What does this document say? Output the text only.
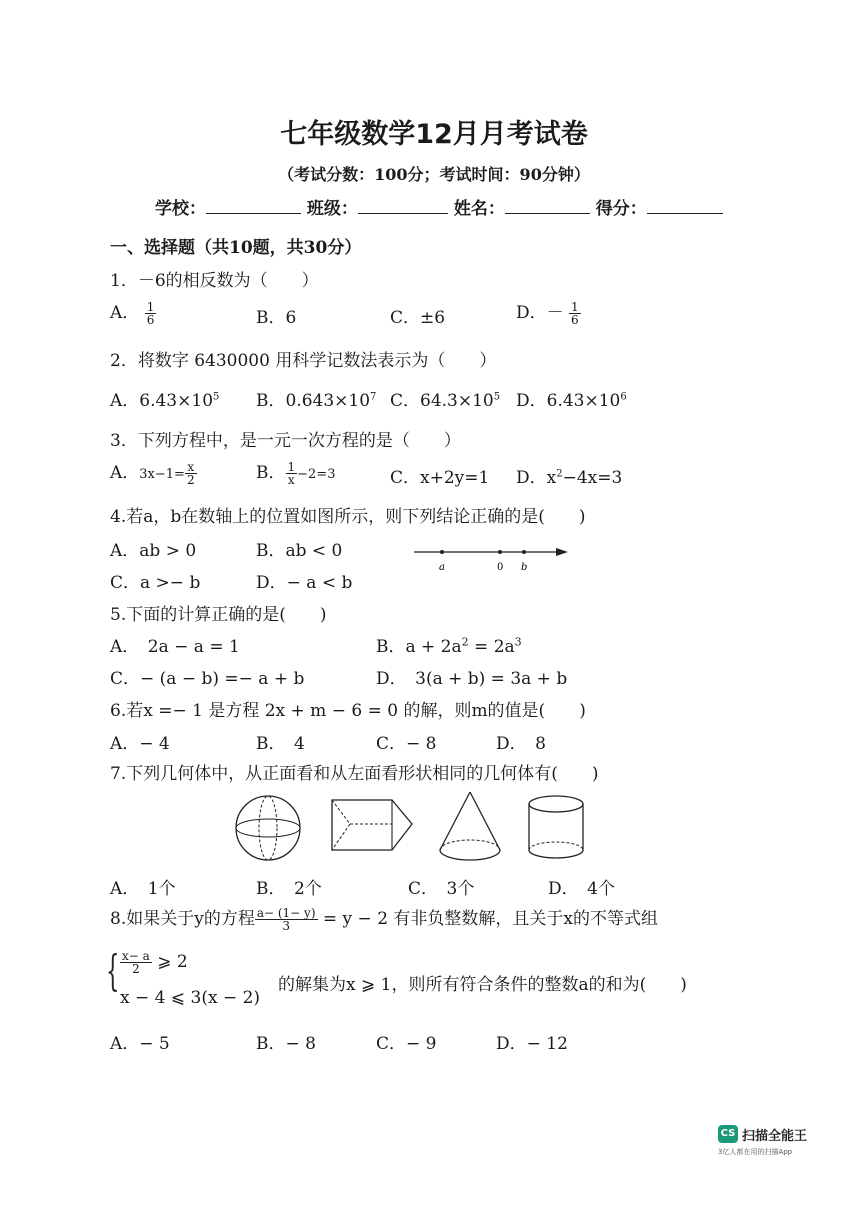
七年级数学12月月考试卷
（考试分数：100分；考试时间：90分钟）
学校：	班级：	姓名：	得分：
一、选择题（共10题，共30分）
1．－6的相反数为（　　）
A． $\frac{1}{6}$	B．6	C．±6	D．－ $\frac{1}{6}$
2．将数字 6430000 用科学记数法表示为（　　）
A．$6.43\times 10^5$ B．$0.643\times 10^7$ C．$64.3\times 10^5$ D．$6.43\times 10^6$
3．下列方程中，是一元一次方程的是（　　）
A．$3x-1= \frac{x}{2}$	B． $\frac{1}{x} -2=3$	C．x+2y=1 D．$x^2-4x=3$
4.若a，b在数轴上的位置如图所示，则下列结论正确的是(　　)
A．ab > 0	B．ab < 0
C．a >− b	D．− a < b
a	0 b
5.下面的计算正确的是(　　)
A．　2a − a = 1	B．$a + 2a^2 = 2a^3$
C．− (a − b) =− a + b	D．　3(a + b) = 3a + b
6.若x =− 1 是方程 2x + m − 6 = 0 的解，则m的值是(　　)
A．− 4	B．　4	C．− 8	D．　8
7.下列几何体中，从正面看和从左面看形状相同的几何体有(　　)
A．　1个	B．　2个	C．　3个	D．　4个
8.如果关于y的方程 $\frac{a- (1- y)}{3} = y - 2$ 有非负整数解，且关于x的不等式组
{ $\frac{x- a}{2}$ ⩾ 2
x − 4 ⩽ 3(x − 2)
的解集为x ⩾ 1，则所有符合条件的整数a的和为(　　)
A．− 5	B．− 8	C．− 9	D．− 12
CS 扫描全能王
3亿人都在用的扫描App
